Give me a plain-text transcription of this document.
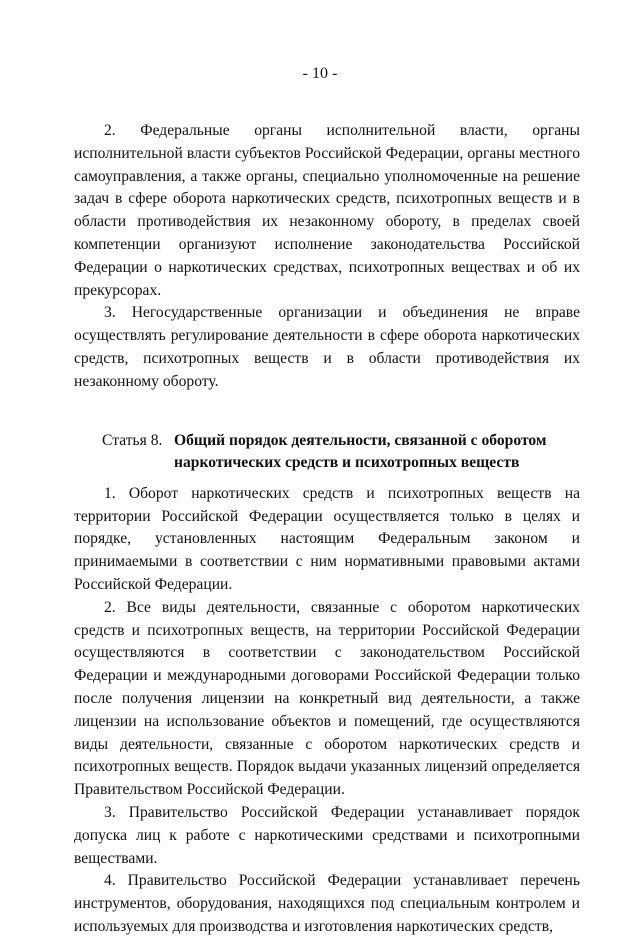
- 10 -

2. Федеральные органы исполнительной власти, органы исполнительной власти субъектов Российской Федерации, органы местного самоуправления, а также органы, специально уполномоченные на решение задач в сфере оборота наркотических средств, психотропных веществ и в области противодействия их незаконному обороту, в пределах своей компетенции организуют исполнение законодательства Российской Федерации о наркотических средствах, психотропных веществах и об их прекурсорах.

3. Негосударственные организации и объединения не вправе осуществлять регулирование деятельности в сфере оборота наркотических средств, психотропных веществ и в области противодействия их незаконному обороту.

Статья 8. Общий порядок деятельности, связанной с оборотом
наркотических средств и психотропных веществ

1. Оборот наркотических средств и психотропных веществ на территории Российской Федерации осуществляется только в целях и порядке, установленных настоящим Федеральным законом и принимаемыми в соответствии с ним нормативными правовыми актами Российской Федерации.

2. Все виды деятельности, связанные с оборотом наркотических средств и психотропных веществ, на территории Российской Федерации осуществляются в соответствии с законодательством Российской Федерации и международными договорами Российской Федерации только после получения лицензии на конкретный вид деятельности, а также лицензии на использование объектов и помещений, где осуществляются виды деятельности, связанные с оборотом наркотических средств и психотропных веществ. Порядок выдачи указанных лицензий определяется Правительством Российской Федерации.

3. Правительство Российской Федерации устанавливает порядок допуска лиц к работе с наркотическими средствами и психотропными веществами.

4. Правительство Российской Федерации устанавливает перечень инструментов, оборудования, находящихся под специальным контролем и используемых для производства и изготовления наркотических средств,
